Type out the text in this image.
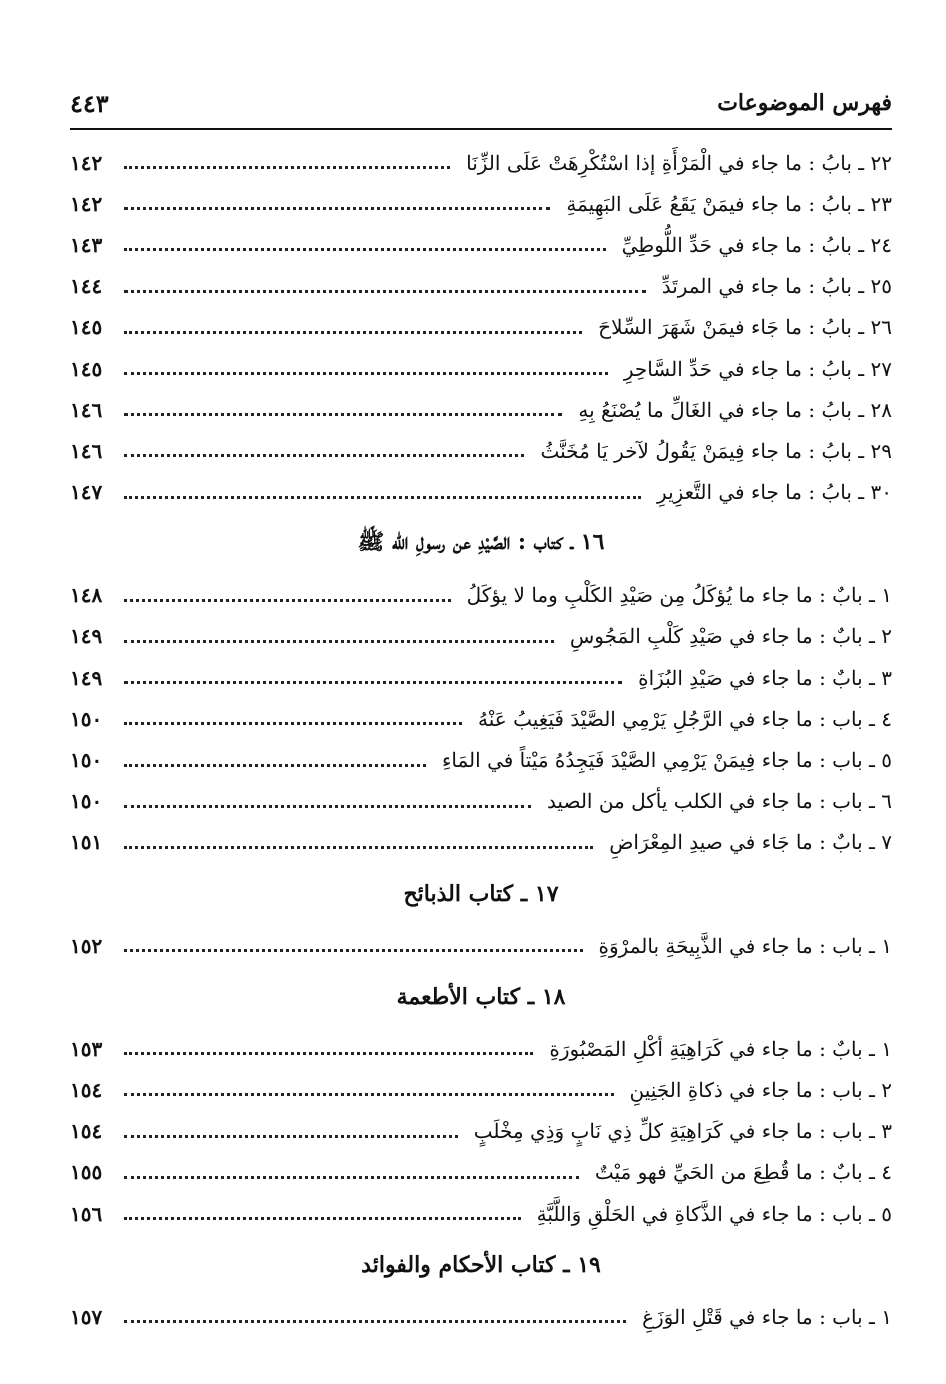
فهرس الموضوعات
٤٤٣
٢٢ ـ بابُ : ما جاء في الْمَرْأَةِ إذا اسْتُكْرِهَتْ عَلَى الزِّنَا
١٤٢
٢٣ ـ بابُ : ما جاء فيمَنْ يَقَعُ عَلَى البَهِيمَةِ
١٤٢
٢٤ ـ بابُ : ما جاء في حَدِّ اللُّوطِيِّ
١٤٣
٢٥ ـ بابُ : ما جاء في المرتَدِّ
١٤٤
٢٦ ـ بابُ : ما جَاء فيمَنْ شَهَرَ السِّلاحَ
١٤٥
٢٧ ـ بابُ : ما جاء في حَدِّ السَّاحِرِ
١٤٥
٢٨ ـ بابُ : ما جاء في الغَالِّ ما يُصْنَعُ بِهِ
١٤٦
٢٩ ـ بابُ : ما جاء فِيمَنْ يَقُولُ لآخر يَا مُخَنَّثُ
١٤٦
٣٠ ـ بابُ : ما جاء في التَّعزِيرِ
١٤٧
١٦ ـ كتاب : الصَّيْدِ عن رسولِ الله ﷺ
١ ـ بابٌ : ما جاء ما يُؤكَلُ مِن صَيْدِ الكَلْبِ وما لا يؤكَلُ
١٤٨
٢ ـ بابٌ : ما جاء في صَيْدِ كَلْبِ المَجُوسِ
١٤٩
٣ ـ بابٌ : ما جاء في صَيْدِ البُزَاةِ
١٤٩
٤ ـ باب : ما جاء في الرَّجُلِ يَرْمِي الصَّيْدَ فَيَغِيبُ عَنْهُ
١٥٠
٥ ـ باب : ما جاء فِيمَنْ يَرْمِي الصَّيْدَ فَيَجِدُهُ مَيْتاً في المَاءِ
١٥٠
٦ ـ باب : ما جاء في الكلب يأكل من الصيد
١٥٠
٧ ـ بابٌ : ما جَاء في صيدِ المِعْرَاضِ
١٥١
١٧ ـ كتاب الذبائح
١ ـ باب : ما جاء في الذَّبِيحَةِ بالمرْوَةِ
١٥٢
١٨ ـ كتاب الأطعمة
١ ـ بابٌ : ما جاء في كَرَاهِيَةِ أكْلِ المَصْبُورَةِ
١٥٣
٢ ـ باب : ما جاء في ذكاةِ الجَنِينِ
١٥٤
٣ ـ باب : ما جاء في كَرَاهِيَةِ كلِّ ذِي نَابٍ وَذِي مِخْلَبٍ
١٥٤
٤ ـ بابٌ : ما قُطِعَ من الحَيِّ فهو مَيْتٌ
١٥٥
٥ ـ باب : ما جاء في الذَّكاةِ في الحَلْقِ وَاللَّبَّةِ
١٥٦
١٩ ـ كتاب الأحكام والفوائد
١ ـ باب : ما جاء في قَتْلِ الوَزَغِ
١٥٧
